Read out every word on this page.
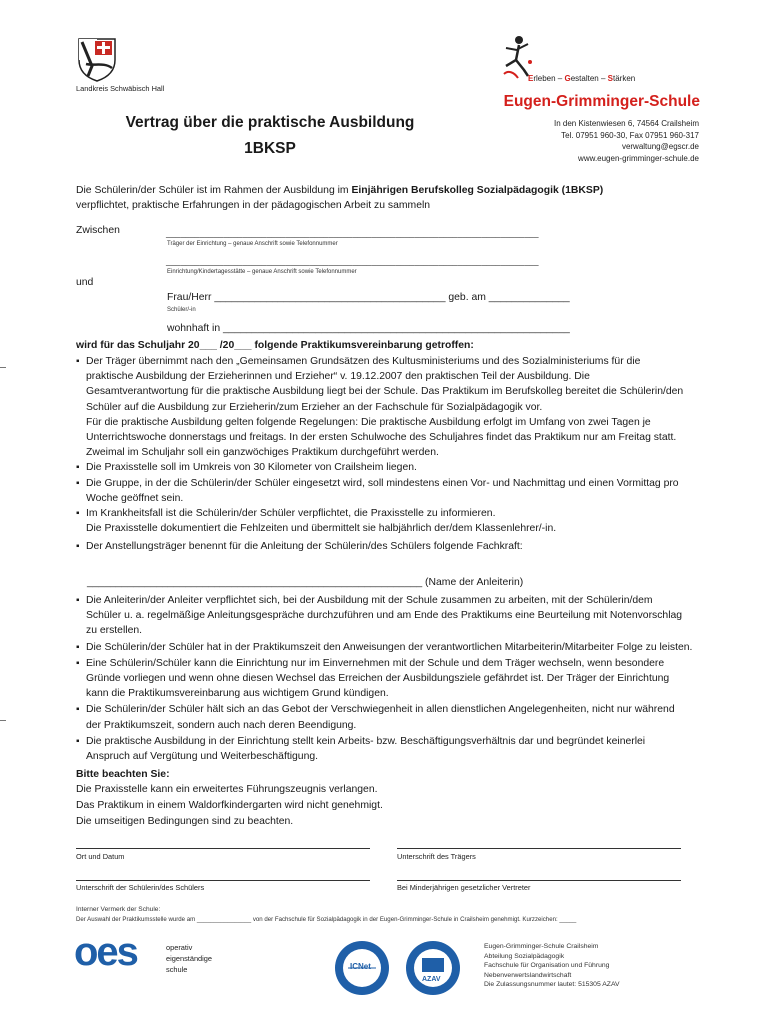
Landkreis Schwäbisch Hall
Erleben – Gestalten – Stärken
Vertrag über die praktische Ausbildung
1BKSP
Eugen-Grimminger-Schule
In den Kistenwiesen 6, 74564 Crailsheim
Tel. 07951 960-30, Fax 07951 960-317
verwaltung@egscr.de
www.eugen-grimminger-schule.de
Die Schülerin/der Schüler ist im Rahmen der Ausbildung im Einjährigen Berufskolleg Sozialpädagogik (1BKSP)
verpflichtet, praktische Erfahrungen in der pädagogischen Arbeit zu sammeln
Zwischen	______________________________________________________________________________
Träger der Einrichtung – genaue Anschrift sowie Telefonnummer
______________________________________________________________________________
Einrichtung/Kindertagesstätte – genaue Anschrift sowie Telefonnummer
und
Frau/Herr ________________________________________ geb. am ______________
Schüler/-in
wohnhaft in ____________________________________________________________
wird für das Schuljahr 20___ /20___ folgende Praktikumsvereinbarung getroffen:
▪ Der Träger übernimmt nach den „Gemeinsamen Grundsätzen des Kultusministeriums und des Sozialministeriums für die
praktische Ausbildung der Erzieherinnen und Erzieher“ v. 19.12.2007 den praktischen Teil der Ausbildung. Die
Gesamtverantwortung für die praktische Ausbildung liegt bei der Schule. Das Praktikum im Berufskolleg bereitet die Schülerin/den
Schüler auf die Ausbildung zur Erzieherin/zum Erzieher an der Fachschule für Sozialpädagogik vor.
Für die praktische Ausbildung gelten folgende Regelungen: Die praktische Ausbildung erfolgt im Umfang von zwei Tagen je
Unterrichtswoche donnerstags und freitags. In der ersten Schulwoche des Schuljahres findet das Praktikum nur am Freitag statt.
Zweimal im Schuljahr soll ein ganzwöchiges Praktikum durchgeführt werden.
▪ Die Praxisstelle soll im Umkreis von 30 Kilometer von Crailsheim liegen.
▪ Die Gruppe, in der die Schülerin/der Schüler eingesetzt wird, soll mindestens einen Vor- und Nachmittag und einen Vormittag pro
Woche geöffnet sein.
▪ Im Krankheitsfall ist die Schülerin/der Schüler verpflichtet, die Praxisstelle zu informieren.
Die Praxisstelle dokumentiert die Fehlzeiten und übermittelt sie halbjährlich der/dem Klassenlehrer/-in.
▪ Der Anstellungsträger benennt für die Anleitung der Schülerin/des Schülers folgende Fachkraft:
__________________________________________________________ (Name der Anleiterin)
▪ Die Anleiterin/der Anleiter verpflichtet sich, bei der Ausbildung mit der Schule zusammen zu arbeiten, mit der Schülerin/dem
Schüler u. a. regelmäßige Anleitungsgespräche durchzuführen und am Ende des Praktikums eine Beurteilung mit Notenvorschlag
zu erstellen.
▪ Die Schülerin/der Schüler hat in der Praktikumszeit den Anweisungen der verantwortlichen Mitarbeiterin/Mitarbeiter Folge zu leisten.
▪ Eine Schülerin/Schüler kann die Einrichtung nur im Einvernehmen mit der Schule und dem Träger wechseln, wenn besondere
Gründe vorliegen und wenn ohne diesen Wechsel das Erreichen der Ausbildungsziele gefährdet ist. Der Träger der Einrichtung
kann die Praktikumsvereinbarung aus wichtigem Grund kündigen.
▪ Die Schülerin/der Schüler hält sich an das Gebot der Verschwiegenheit in allen dienstlichen Angelegenheiten, nicht nur während
der Praktikumszeit, sondern auch nach deren Beendigung.
▪ Die praktische Ausbildung in der Einrichtung stellt kein Arbeits- bzw. Beschäftigungsverhältnis dar und begründet keinerlei
Anspruch auf Vergütung und Weiterbeschäftigung.
Bitte beachten Sie:
Die Praxisstelle kann ein erweitertes Führungszeugnis verlangen.
Das Praktikum in einem Waldorfkindergarten wird nicht genehmigt.
Die umseitigen Bedingungen sind zu beachten.
Ort und Datum	Unterschrift des Trägers
Unterschrift der Schülerin/des Schülers	Bei Minderjährigen gesetzlicher Vertreter
Interner Vermerk der Schule:
Der Auswahl der Praktikumsstelle wurde am ________________ von der Fachschule für Sozialpädagogik in der Eugen-Grimminger-Schule in Crailsheim genehmigt. Kurzzeichen: _____
oes	operativ
eigenständige
schule	ICNet
AZAV
Eugen-Grimminger-Schule Crailsheim
Abteilung Sozialpädagogik
Fachschule für Organisation und Führung
Nebenverwertslandwirtschaft
Die Zulassungsnummer lautet: 515305 AZAV
